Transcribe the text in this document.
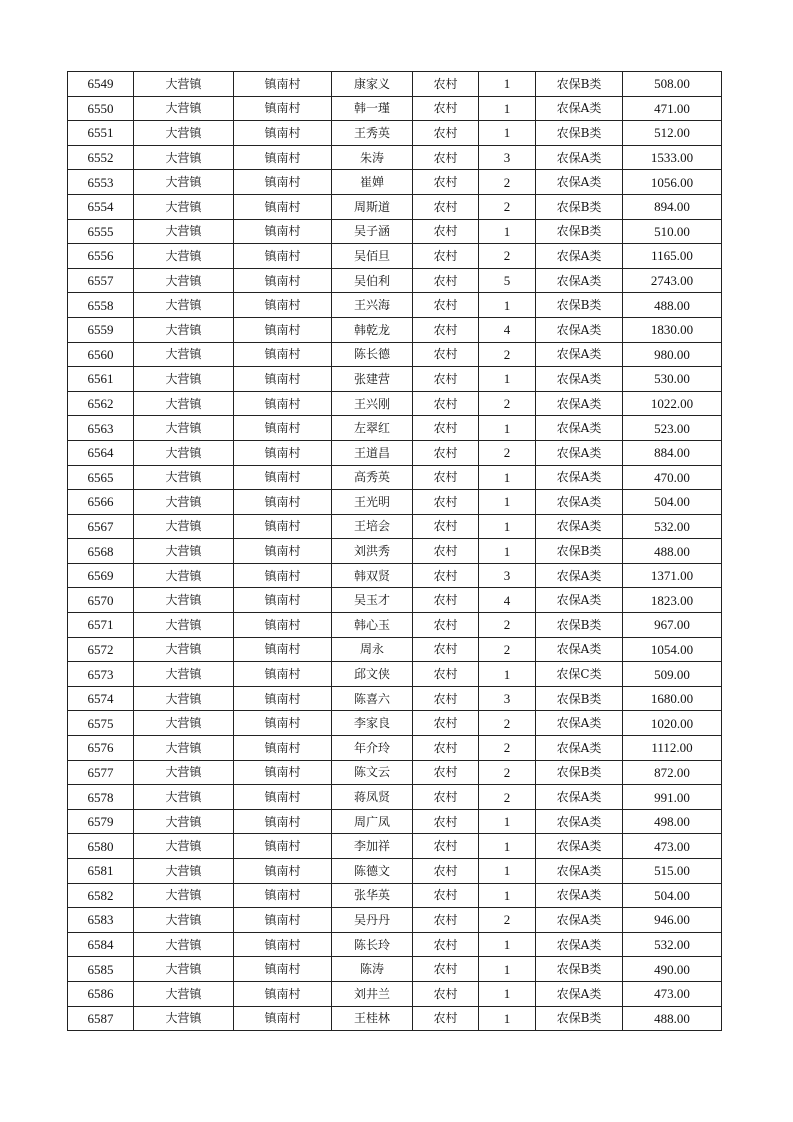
6549	大营镇	镇南村	康家义	农村	1	农保B类	508.00
6550	大营镇	镇南村	韩一瑾	农村	1	农保A类	471.00
6551	大营镇	镇南村	王秀英	农村	1	农保B类	512.00
6552	大营镇	镇南村	朱涛	农村	3	农保A类	1533.00
6553	大营镇	镇南村	崔婵	农村	2	农保A类	1056.00
6554	大营镇	镇南村	周斯道	农村	2	农保B类	894.00
6555	大营镇	镇南村	吴子涵	农村	1	农保B类	510.00
6556	大营镇	镇南村	吴佰旦	农村	2	农保A类	1165.00
6557	大营镇	镇南村	吴伯利	农村	5	农保A类	2743.00
6558	大营镇	镇南村	王兴海	农村	1	农保B类	488.00
6559	大营镇	镇南村	韩乾龙	农村	4	农保A类	1830.00
6560	大营镇	镇南村	陈长德	农村	2	农保A类	980.00
6561	大营镇	镇南村	张建营	农村	1	农保A类	530.00
6562	大营镇	镇南村	王兴刚	农村	2	农保A类	1022.00
6563	大营镇	镇南村	左翠红	农村	1	农保A类	523.00
6564	大营镇	镇南村	王道昌	农村	2	农保A类	884.00
6565	大营镇	镇南村	高秀英	农村	1	农保A类	470.00
6566	大营镇	镇南村	王光明	农村	1	农保A类	504.00
6567	大营镇	镇南村	王培会	农村	1	农保A类	532.00
6568	大营镇	镇南村	刘洪秀	农村	1	农保B类	488.00
6569	大营镇	镇南村	韩双贤	农村	3	农保A类	1371.00
6570	大营镇	镇南村	吴玉才	农村	4	农保A类	1823.00
6571	大营镇	镇南村	韩心玉	农村	2	农保B类	967.00
6572	大营镇	镇南村	周永	农村	2	农保A类	1054.00
6573	大营镇	镇南村	邱文侠	农村	1	农保C类	509.00
6574	大营镇	镇南村	陈喜六	农村	3	农保B类	1680.00
6575	大营镇	镇南村	李家良	农村	2	农保A类	1020.00
6576	大营镇	镇南村	年介玲	农村	2	农保A类	1112.00
6577	大营镇	镇南村	陈文云	农村	2	农保B类	872.00
6578	大营镇	镇南村	蒋凤贤	农村	2	农保A类	991.00
6579	大营镇	镇南村	周广凤	农村	1	农保A类	498.00
6580	大营镇	镇南村	李加祥	农村	1	农保A类	473.00
6581	大营镇	镇南村	陈德文	农村	1	农保A类	515.00
6582	大营镇	镇南村	张华英	农村	1	农保A类	504.00
6583	大营镇	镇南村	吴丹丹	农村	2	农保A类	946.00
6584	大营镇	镇南村	陈长玲	农村	1	农保A类	532.00
6585	大营镇	镇南村	陈涛	农村	1	农保B类	490.00
6586	大营镇	镇南村	刘井兰	农村	1	农保A类	473.00
6587	大营镇	镇南村	王桂林	农村	1	农保B类	488.00
